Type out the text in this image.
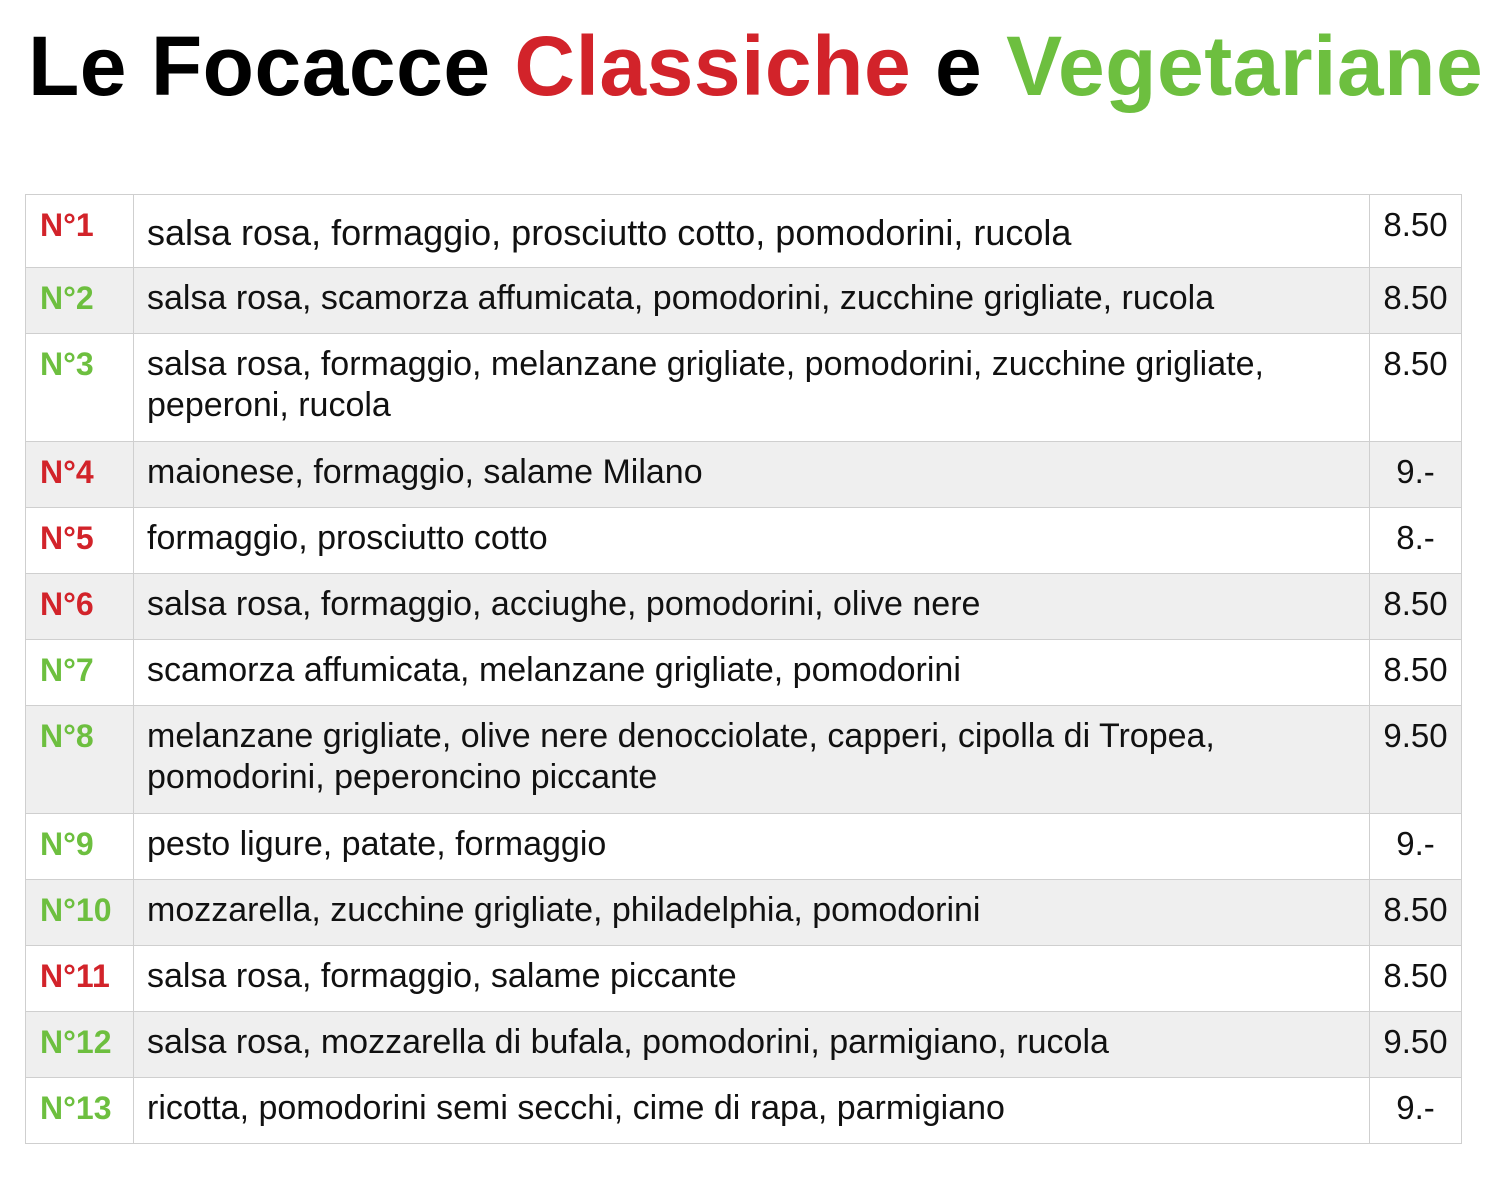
Le Focacce Classiche e Vegetariane
N°1	salsa rosa, formaggio, prosciutto cotto, pomodorini, rucola	8.50
N°2	salsa rosa, scamorza affumicata, pomodorini, zucchine grigliate, rucola	8.50
N°3	salsa rosa, formaggio, melanzane grigliate, pomodorini, zucchine grigliate, peperoni, rucola	8.50
N°4	maionese, formaggio, salame Milano	9.-
N°5	formaggio, prosciutto cotto	8.-
N°6	salsa rosa, formaggio, acciughe, pomodorini, olive nere	8.50
N°7	scamorza affumicata, melanzane grigliate, pomodorini	8.50
N°8	melanzane grigliate, olive nere denocciolate, capperi, cipolla di Tropea, pomodorini, peperoncino piccante	9.50
N°9	pesto ligure, patate, formaggio	9.-
N°10	mozzarella, zucchine grigliate, philadelphia, pomodorini	8.50
N°11	salsa rosa, formaggio, salame piccante	8.50
N°12	salsa rosa, mozzarella di bufala, pomodorini, parmigiano, rucola	9.50
N°13	ricotta, pomodorini semi secchi, cime di rapa, parmigiano	9.-
